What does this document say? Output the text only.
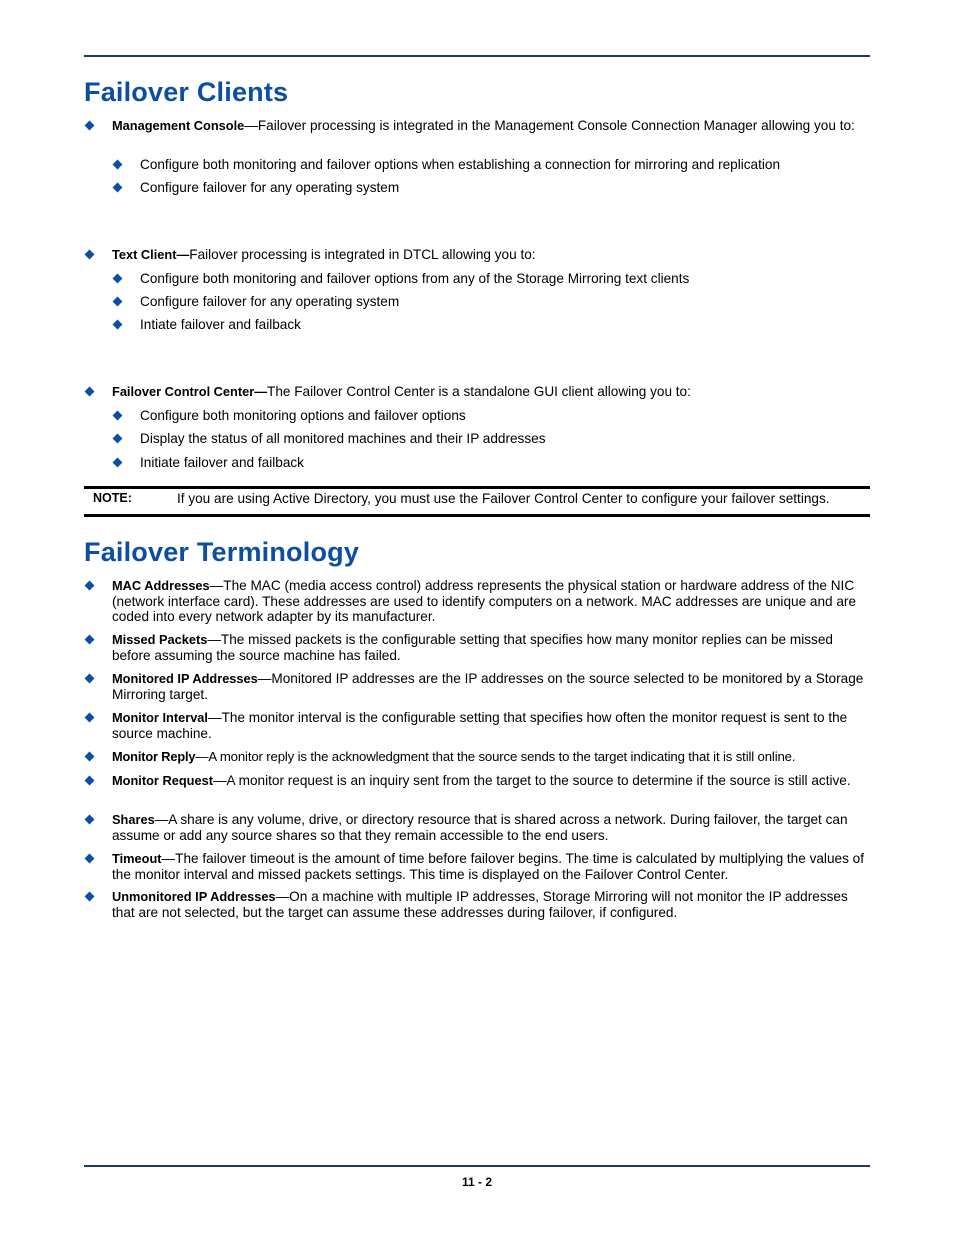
Failover Clients
Management Console—Failover processing is integrated in the Management Console Connection Manager allowing you to:
Configure both monitoring and failover options when establishing a connection for mirroring and replication
Configure failover for any operating system
Text Client—Failover processing is integrated in DTCL allowing you to:
Configure both monitoring and failover options from any of the Storage Mirroring text clients
Configure failover for any operating system
Intiate failover and failback
Failover Control Center—The Failover Control Center is a standalone GUI client allowing you to:
Configure both monitoring options and failover options
Display the status of all monitored machines and their IP addresses
Initiate failover and failback
NOTE:	If you are using Active Directory, you must use the Failover Control Center to configure your failover settings.
Failover Terminology
MAC Addresses—The MAC (media access control) address represents the physical station or hardware address of the NIC (network interface card). These addresses are used to identify computers on a network. MAC addresses are unique and are coded into every network adapter by its manufacturer.
Missed Packets—The missed packets is the configurable setting that specifies how many monitor replies can be missed before assuming the source machine has failed.
Monitored IP Addresses—Monitored IP addresses are the IP addresses on the source selected to be monitored by a Storage Mirroring target.
Monitor Interval—The monitor interval is the configurable setting that specifies how often the monitor request is sent to the source machine.
Monitor Reply—A monitor reply is the acknowledgment that the source sends to the target indicating that it is still online.
Monitor Request—A monitor request is an inquiry sent from the target to the source to determine if the source is still active.
Shares—A share is any volume, drive, or directory resource that is shared across a network. During failover, the target can assume or add any source shares so that they remain accessible to the end users.
Timeout—The failover timeout is the amount of time before failover begins. The time is calculated by multiplying the values of the monitor interval and missed packets settings. This time is displayed on the Failover Control Center.
Unmonitored IP Addresses—On a machine with multiple IP addresses, Storage Mirroring will not monitor the IP addresses that are not selected, but the target can assume these addresses during failover, if configured.
11 - 2
